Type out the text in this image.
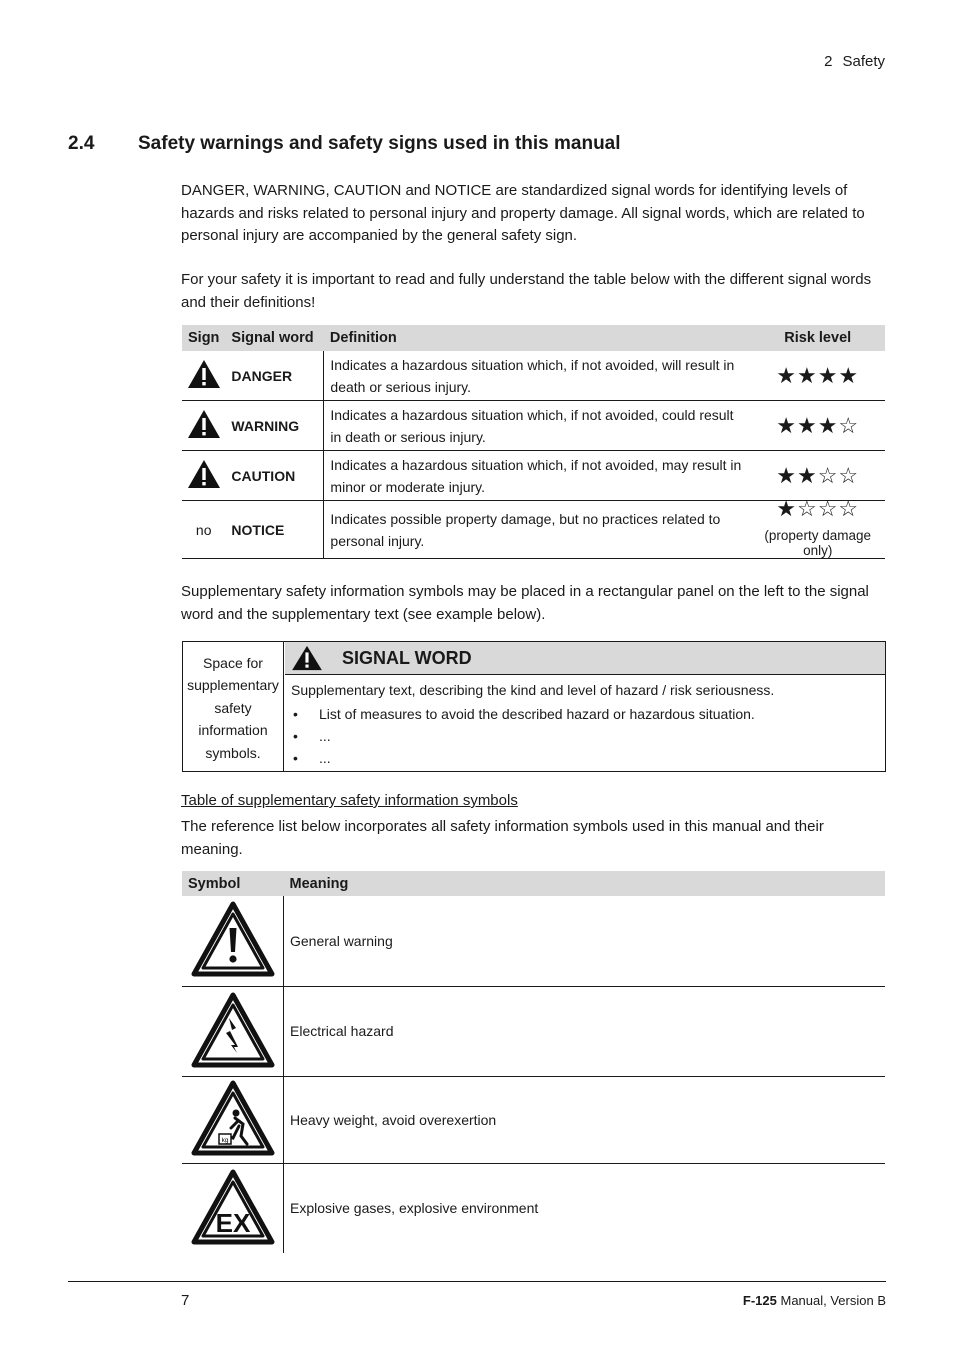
2 Safety
2.4 Safety warnings and safety signs used in this manual
DANGER, WARNING, CAUTION and NOTICE are standardized signal words for identifying levels of hazards and risks related to personal injury and property damage. All signal words, which are related to personal injury are accompanied by the general safety sign.
For your safety it is important to read and fully understand the table below with the different signal words and their definitions!
Sign	Signal word	Definition	Risk level
	DANGER	Indicates a hazardous situation which, if not avoided, will result in death or serious injury.	★★★★
	WARNING	Indicates a hazardous situation which, if not avoided, could result in death or serious injury.	★★★☆
	CAUTION	Indicates a hazardous situation which, if not avoided, may result in minor or moderate injury.	★★☆☆
no	NOTICE	Indicates possible property damage, but no practices related to personal injury.	★☆☆☆
(property damage only)
Supplementary safety information symbols may be placed in a rectangular panel on the left to the signal word and the supplementary text (see example below).
Space for supplementary safety information symbols.
SIGNAL WORD
Supplementary text, describing the kind and level of hazard / risk seriousness.
• List of measures to avoid the described hazard or hazardous situation.
• ...
• ...
Table of supplementary safety information symbols
The reference list below incorporates all safety information symbols used in this manual and their meaning.
Symbol	Meaning
	General warning
	Electrical hazard

kg	Heavy weight, avoid overexertion

EX	Explosive gases, explosive environment
7	F-125 Manual, Version B
